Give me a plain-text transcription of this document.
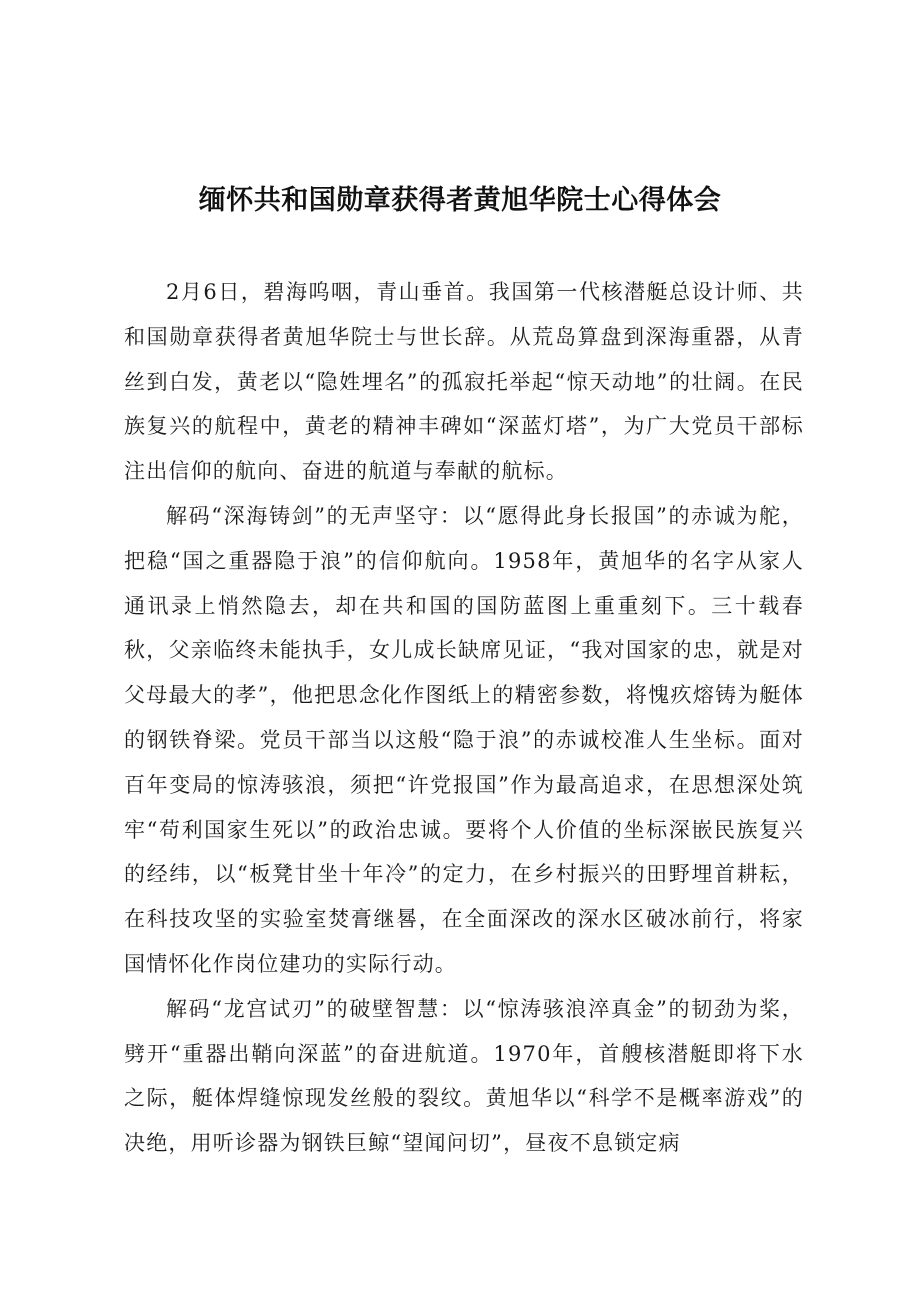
缅怀共和国勋章获得者黄旭华院士心得体会

2月6日，碧海呜咽，青山垂首。我国第一代核潜艇总设计师、共和国勋章获得者黄旭华院士与世长辞。从荒岛算盘到深海重器，从青丝到白发，黄老以“隐姓埋名”的孤寂托举起“惊天动地”的壮阔。在民族复兴的航程中，黄老的精神丰碑如“深蓝灯塔”，为广大党员干部标注出信仰的航向、奋进的航道与奉献的航标。

解码“深海铸剑”的无声坚守：以“愿得此身长报国”的赤诚为舵，把稳“国之重器隐于浪”的信仰航向。1958年，黄旭华的名字从家人通讯录上悄然隐去，却在共和国的国防蓝图上重重刻下。三十载春秋，父亲临终未能执手，女儿成长缺席见证，“我对国家的忠，就是对父母最大的孝”，他把思念化作图纸上的精密参数，将愧疚熔铸为艇体的钢铁脊梁。党员干部当以这般“隐于浪”的赤诚校准人生坐标。面对百年变局的惊涛骇浪，须把“许党报国”作为最高追求，在思想深处筑牢“苟利国家生死以”的政治忠诚。要将个人价值的坐标深嵌民族复兴的经纬，以“板凳甘坐十年冷”的定力，在乡村振兴的田野埋首耕耘，在科技攻坚的实验室焚膏继晷，在全面深改的深水区破冰前行，将家国情怀化作岗位建功的实际行动。

解码“龙宫试刃”的破壁智慧：以“惊涛骇浪淬真金”的韧劲为桨，劈开“重器出鞘向深蓝”的奋进航道。1970年，首艘核潜艇即将下水之际，艇体焊缝惊现发丝般的裂纹。黄旭华以“科学不是概率游戏”的决绝，用听诊器为钢铁巨鲸“望闻问切”，昼夜不息锁定病
